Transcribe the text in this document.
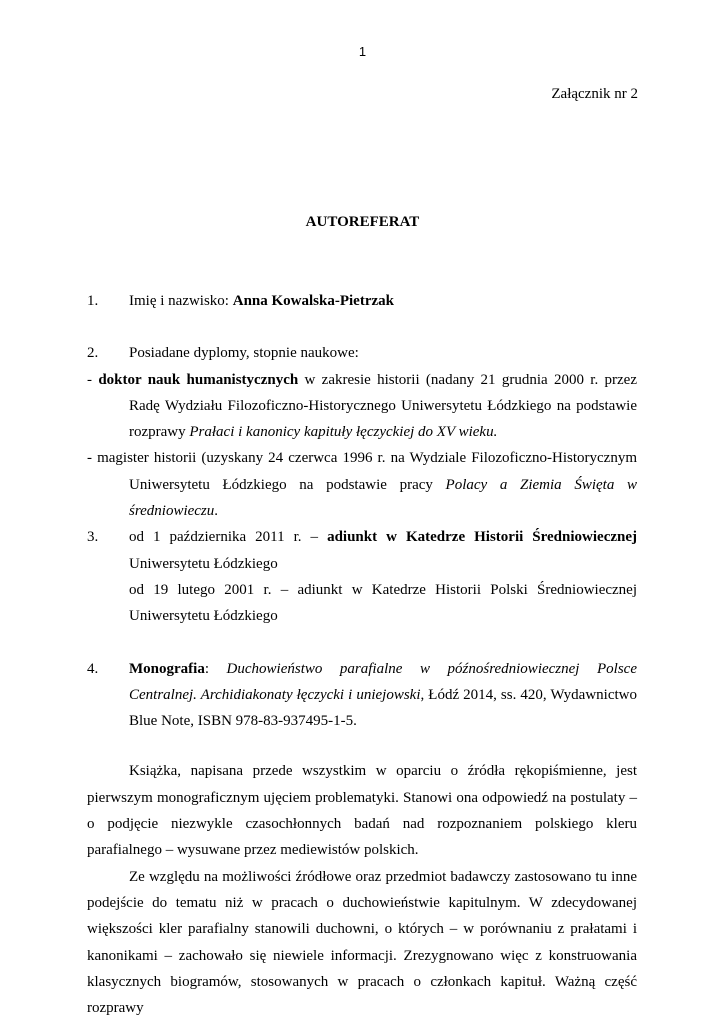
1
Załącznik nr 2
AUTOREFERAT
1.	Imię i nazwisko: Anna Kowalska-Pietrzak
2.	Posiadane dyplomy, stopnie naukowe:
- doktor nauk humanistycznych w zakresie historii (nadany 21 grudnia 2000 r. przez Radę Wydziału Filozoficzno-Historycznego Uniwersytetu Łódzkiego na podstawie rozprawy Prałaci i kanonicy kapituły łęczyckiej do XV wieku.
- magister historii (uzyskany 24 czerwca 1996 r. na Wydziale Filozoficzno-Historycznym Uniwersytetu Łódzkiego na podstawie pracy Polacy a Ziemia Święta w średniowieczu.
3.	od 1 października 2011 r. – adiunkt w Katedrze Historii Średniowiecznej Uniwersytetu Łódzkiego
od 19 lutego 2001 r. – adiunkt w Katedrze Historii Polski Średniowiecznej Uniwersytetu Łódzkiego
4.	Monografia: Duchowieństwo parafialne w późnośredniowiecznej Polsce Centralnej. Archidiakonaty łęczycki i uniejowski, Łódź 2014, ss. 420, Wydawnictwo Blue Note, ISBN 978-83-937495-1-5.
Książka, napisana przede wszystkim w oparciu o źródła rękopiśmienne, jest pierwszym monograficznym ujęciem problematyki. Stanowi ona odpowiedź na postulaty – o podjęcie niezwykle czasochłonnych badań nad rozpoznaniem polskiego kleru parafialnego – wysuwane przez mediewistów polskich.
Ze względu na możliwości źródłowe oraz przedmiot badawczy zastosowano tu inne podejście do tematu niż w pracach o duchowieństwie kapitulnym. W zdecydowanej większości kler parafialny stanowili duchowni, o których – w porównaniu z prałatami i kanonikami – zachowało się niewiele informacji. Zrezygnowano więc z konstruowania klasycznych biogramów, stosowanych w pracach o członkach kapituł. Ważną część rozprawy
